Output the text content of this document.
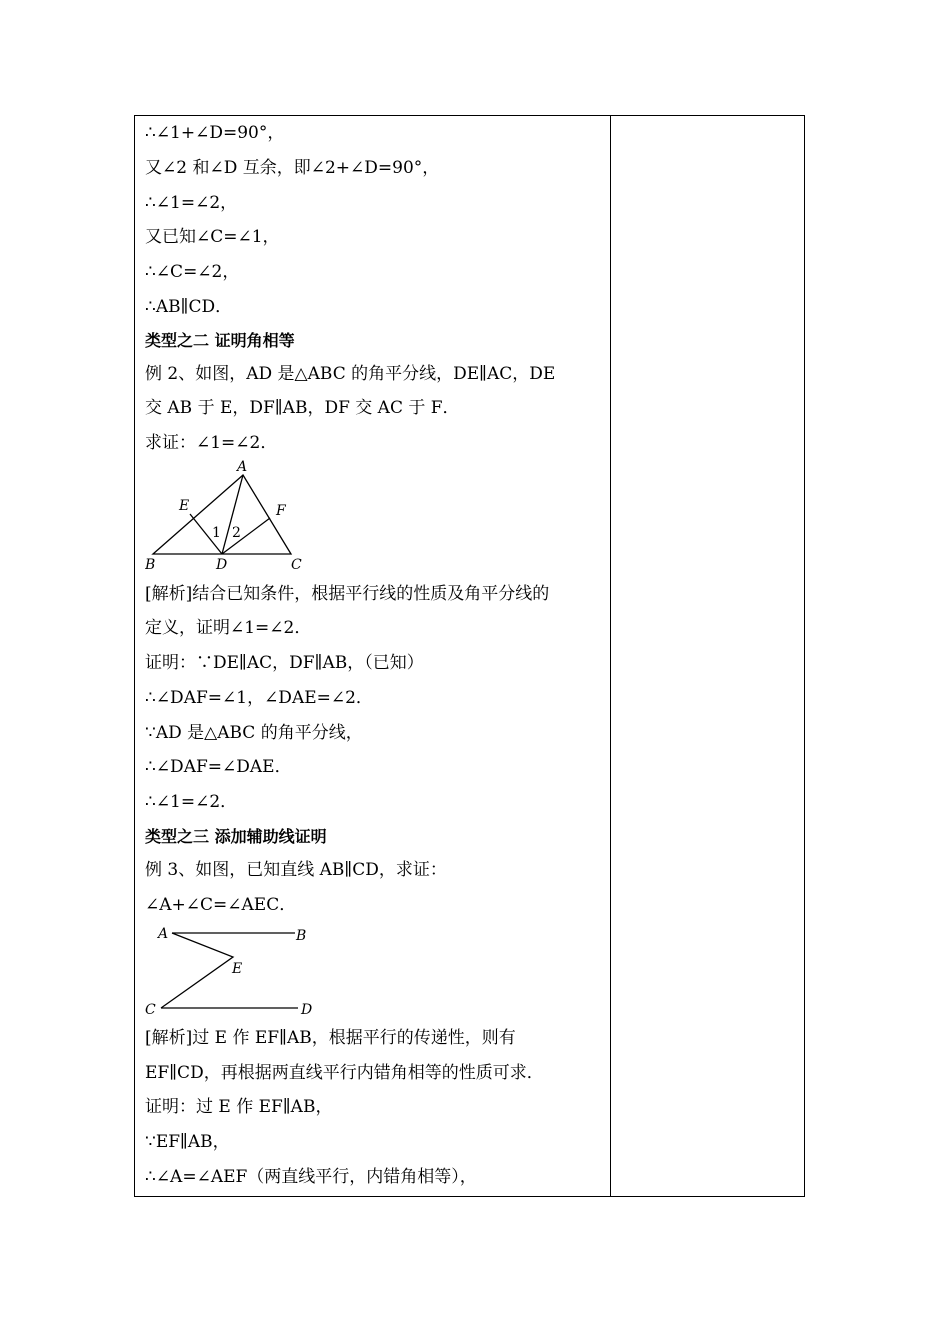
∴∠1+∠D=90°，
又∠2 和∠D 互余，即∠2+∠D=90°，
∴∠1=∠2，
又已知∠C=∠1，
∴∠C=∠2，
∴AB∥CD．
类型之二 证明角相等
例 2、如图，AD 是△ABC 的角平分线，DE∥AC，DE
交 AB 于 E，DF∥AB，DF 交 AC 于 F．
求证：∠1=∠2．
A
B	C
D
E	F
1 2
[解析]结合已知条件，根据平行线的性质及角平分线的
定义，证明∠1=∠2．
证明：∵DE∥AC，DF∥AB，（已知）
∴∠DAF=∠1，∠DAE=∠2．
∵AD 是△ABC 的角平分线，
∴∠DAF=∠DAE．
∴∠1=∠2．
类型之三 添加辅助线证明
例 3、如图，已知直线 AB∥CD，求证：
∠A+∠C=∠AEC．
A	B
C	D
E
[解析]过 E 作 EF∥AB，根据平行的传递性，则有
EF∥CD，再根据两直线平行内错角相等的性质可求．
证明：过 E 作 EF∥AB，
∵EF∥AB，
∴∠A=∠AEF（两直线平行，内错角相等），
